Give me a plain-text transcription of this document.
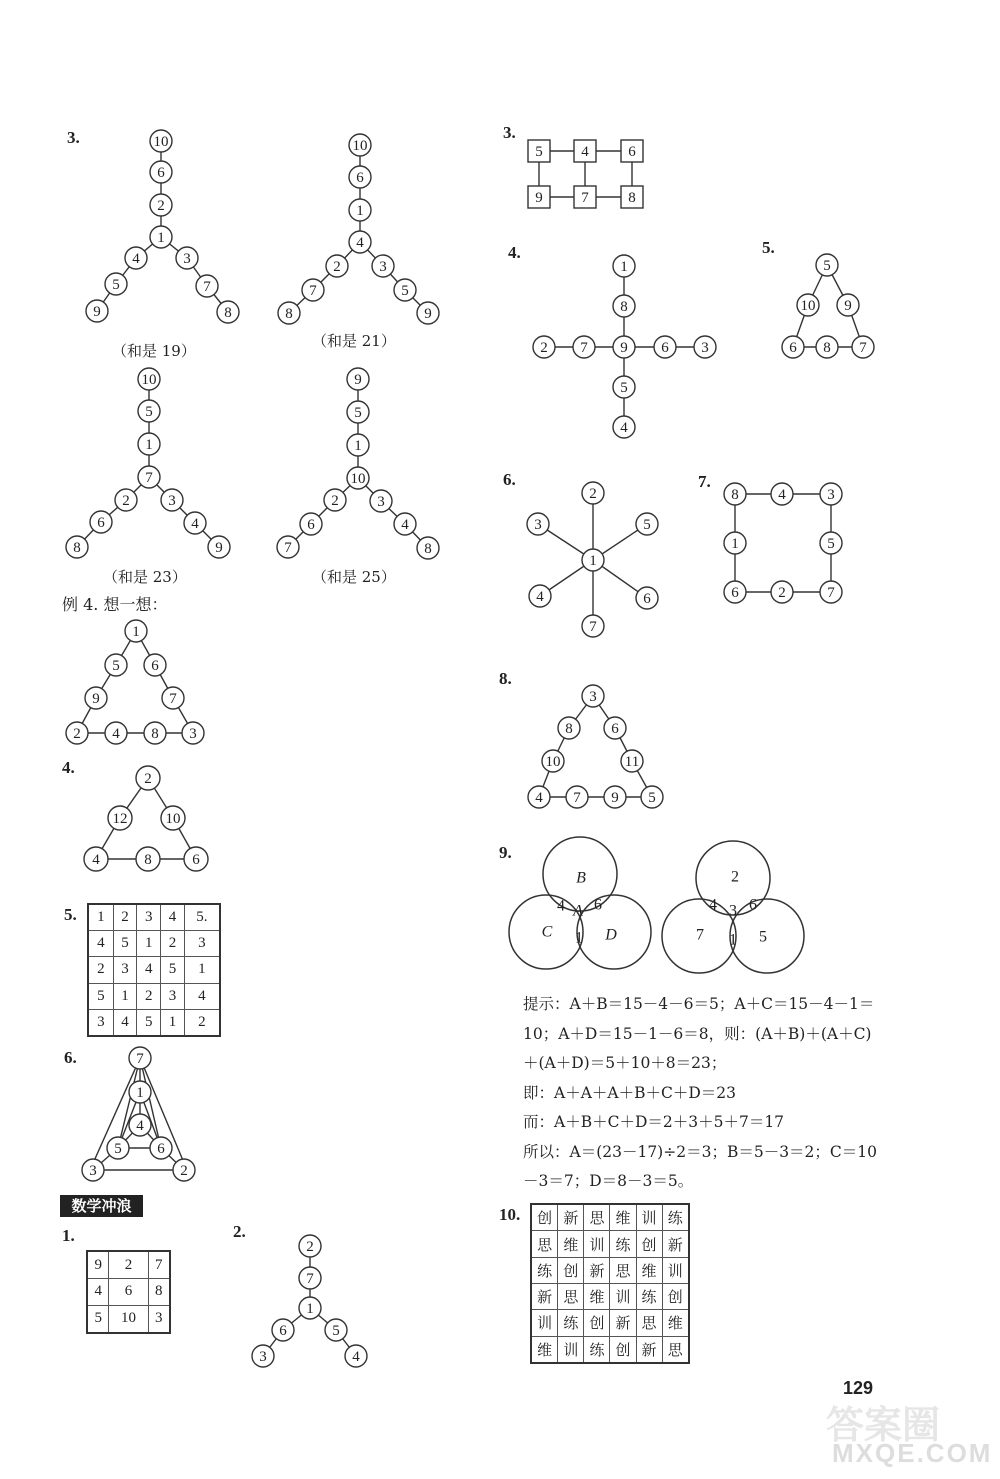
3.	3.
4.	5.
6.	7.
8.
9.
10.
4.
5.
6.
1.	2.
例 4. 想一想：
（和是 19）
（和是 21）
（和是 23）	（和是 25）
10
6
2
1
4
5
9
3
7
8
10
6
1
4
2
7
8
3
5
9
10
5
1
7
2
6
8
3
4
9
9
5
1
10
2
6
7
3
4
8
1
5 6
9	7
2 4 8 3
2
12	10
4	8	6
7
1
4
5 6
3	2
2
7
1
6
3
5
4
5	4	6
9	7	8
1
8
2 7 9 6 3
5
4
5
10 9
6 8 7
2
3	5
1
4	6
7
8	4	3
1	5
6	2	7
3
8	6
10	11
4 7 9 5
B
4 A 6
C 1 D
2
4 3 6
7 1 5
1	2	3	4	5.
4	5	1	2	3
2	3	4	5	1
5	1	2	3	4
3	4	5	1	2
9	2	7
4	6	8
5	10	3
创	新	思	维	训	练
思	维	训	练	创	新
练	创	新	思	维	训
新	思	维	训	练	创
训	练	创	新	思	维
维	训	练	创	新	思
数学冲浪
提示：A＋B＝15－4－6＝5；A＋C＝15－4－1＝
10；A＋D＝15－1－6＝8，则：(A＋B)＋(A＋C)
＋(A＋D)＝5＋10＋8＝23；
即：A＋A＋A＋B＋C＋D＝23
而：A＋B＋C＋D＝2＋3＋5＋7＝17
所以：A＝(23－17)÷2＝3；B＝5－3＝2；C＝10
－3＝7；D＝8－3＝5。
129
答案圈
MXQE.COM
